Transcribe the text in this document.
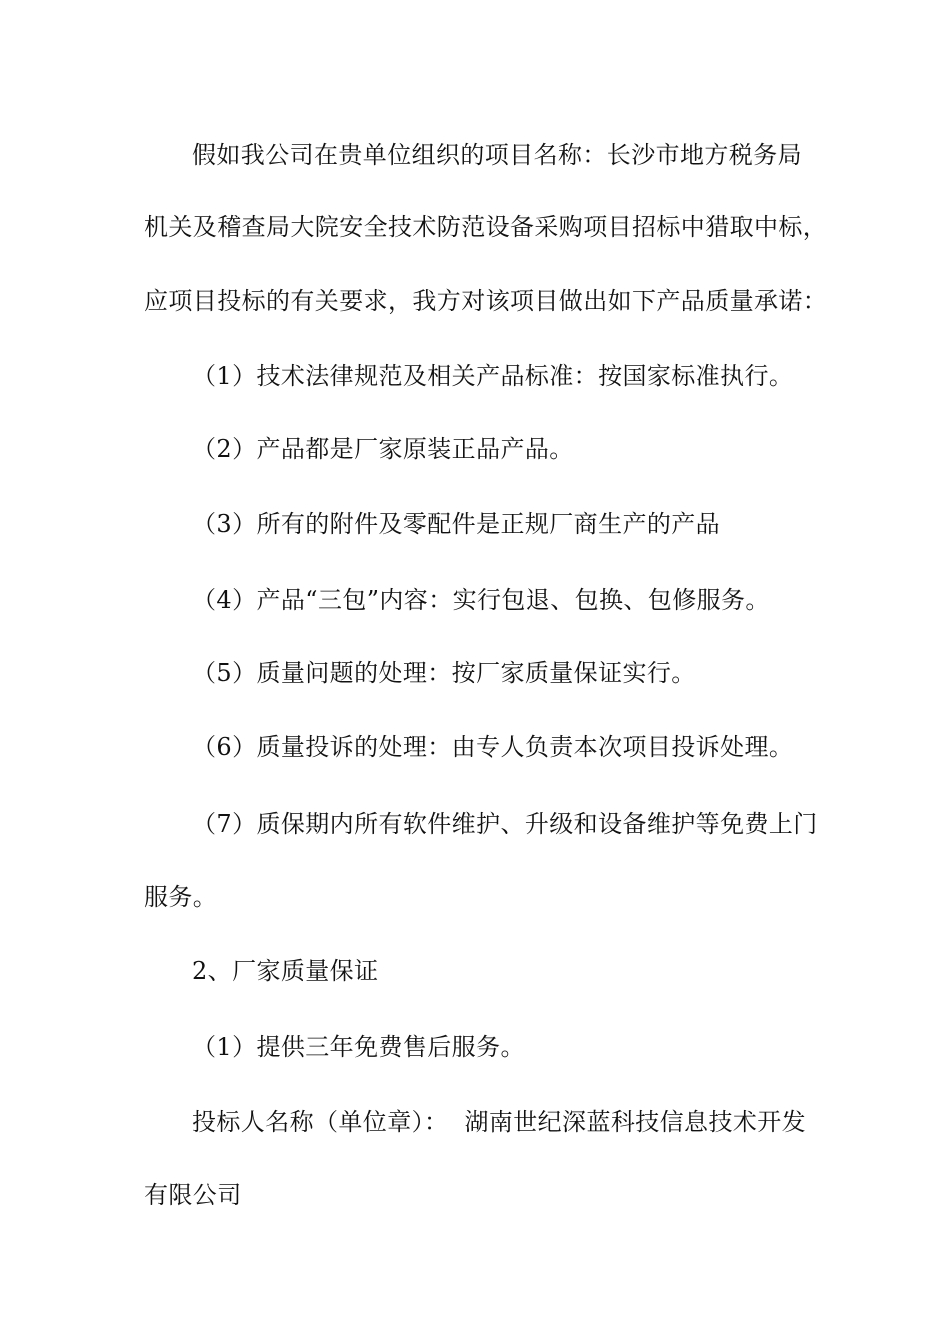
假如我公司在贵单位组织的项目名称：长沙市地方税务局
机关及稽查局大院安全技术防范设备采购项目招标中猎取中标，
应项目投标的有关要求，我方对该项目做出如下产品质量承诺：
（1）技术法律规范及相关产品标准：按国家标准执行。
（2）产品都是厂家原装正品产品。
（3）所有的附件及零配件是正规厂商生产的产品
（4）产品“三包”内容：实行包退、包换、包修服务。
（5）质量问题的处理：按厂家质量保证实行。
（6）质量投诉的处理：由专人负责本次项目投诉处理。
（7）质保期内所有软件维护、升级和设备维护等免费上门
服务。
2、厂家质量保证
（1）提供三年免费售后服务。
投标人名称（单位章）：  湖南世纪深蓝科技信息技术开发
有限公司
